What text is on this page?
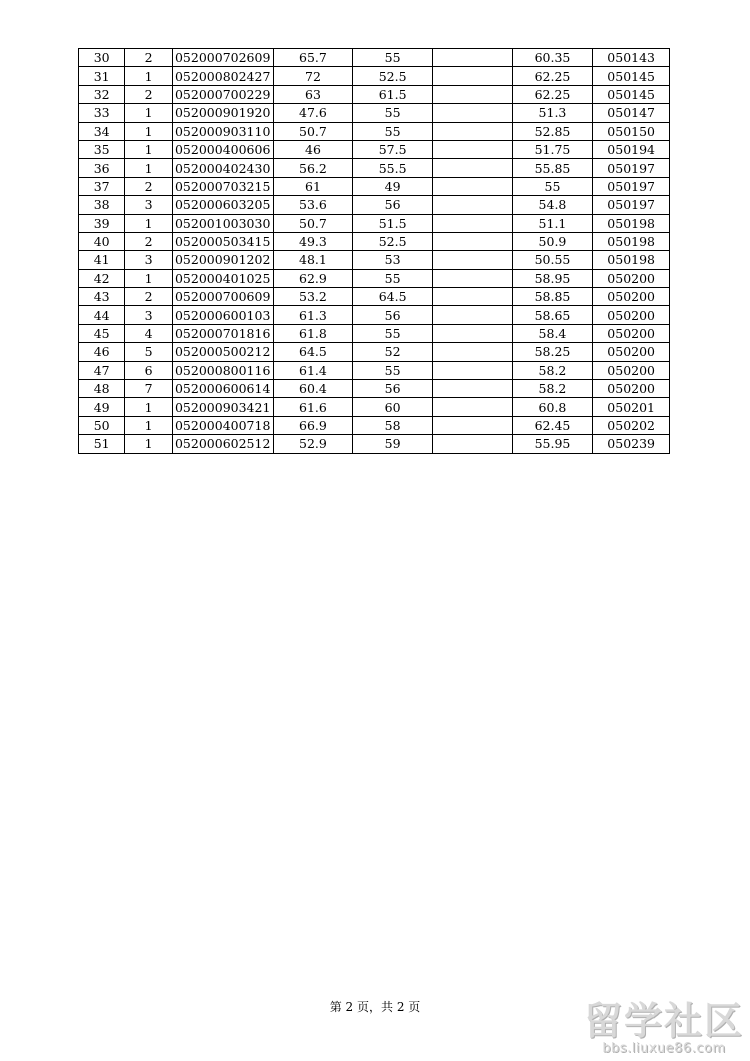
30	2	052000702609	65.7	55		60.35	050143
31	1	052000802427	72	52.5		62.25	050145
32	2	052000700229	63	61.5		62.25	050145
33	1	052000901920	47.6	55		51.3	050147
34	1	052000903110	50.7	55		52.85	050150
35	1	052000400606	46	57.5		51.75	050194
36	1	052000402430	56.2	55.5		55.85	050197
37	2	052000703215	61	49		55	050197
38	3	052000603205	53.6	56		54.8	050197
39	1	052001003030	50.7	51.5		51.1	050198
40	2	052000503415	49.3	52.5		50.9	050198
41	3	052000901202	48.1	53		50.55	050198
42	1	052000401025	62.9	55		58.95	050200
43	2	052000700609	53.2	64.5		58.85	050200
44	3	052000600103	61.3	56		58.65	050200
45	4	052000701816	61.8	55		58.4	050200
46	5	052000500212	64.5	52		58.25	050200
47	6	052000800116	61.4	55		58.2	050200
48	7	052000600614	60.4	56		58.2	050200
49	1	052000903421	61.6	60		60.8	050201
50	1	052000400718	66.9	58		62.45	050202
51	1	052000602512	52.9	59		55.95	050239
第 2 页，共 2 页	留学社区
bbs.liuxue86.com
